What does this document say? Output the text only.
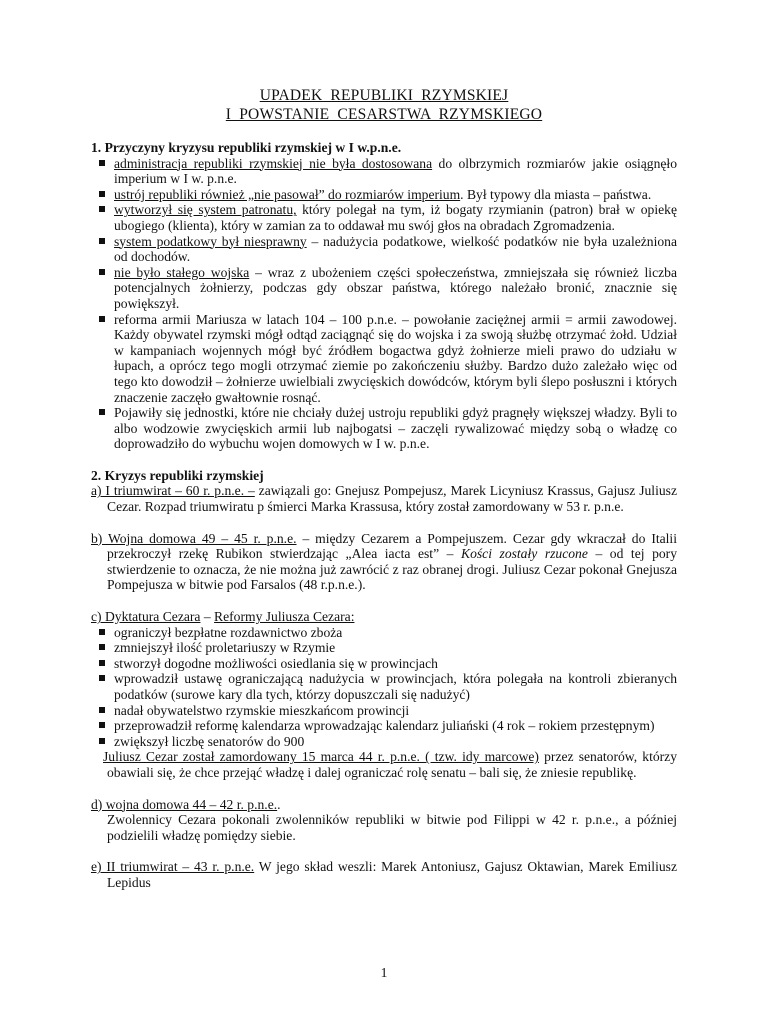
UPADEK REPUBLIKI RZYMSKIEJ
I POWSTANIE CESARSTWA RZYMSKIEGO

1. Przyczyny kryzysu republiki rzymskiej w I w.p.n.e.

administracja republiki rzymskiej nie była dostosowana do olbrzymich rozmiarów jakie osiągnęło imperium w I w. p.n.e.
ustrój republiki również „nie pasował” do rozmiarów imperium. Był typowy dla miasta – państwa.
wytworzył się system patronatu, który polegał na tym, iż bogaty rzymianin (patron) brał w opiekę ubogiego (klienta), który w zamian za to oddawał mu swój głos na obradach Zgromadzenia.
system podatkowy był niesprawny – nadużycia podatkowe, wielkość podatków nie była uzależniona od dochodów.
nie było stałego wojska – wraz z ubożeniem części społeczeństwa, zmniejszała się również liczba potencjalnych żołnierzy, podczas gdy obszar państwa, którego należało bronić, znacznie się powiększył.
reforma armii Mariusza w latach 104 – 100 p.n.e. – powołanie zaciężnej armii = armii zawodowej. Każdy obywatel rzymski mógł odtąd zaciągnąć się do wojska i za swoją służbę otrzymać żołd. Udział w kampaniach wojennych mógł być źródłem bogactwa gdyż żołnierze mieli prawo do udziału w łupach, a oprócz tego mogli otrzymać ziemie po zakończeniu służby. Bardzo dużo zależało więc od tego kto dowodził – żołnierze uwielbiali zwycięskich dowódców, którym byli ślepo posłuszni i których znaczenie zaczęło gwałtownie rosnąć.
Pojawiły się jednostki, które nie chciały dużej ustroju republiki gdyż pragnęły większej władzy. Byli to albo wodzowie zwycięskich armii lub najbogatsi – zaczęli rywalizować między sobą o władzę co doprowadziło do wybuchu wojen domowych w I w. p.n.e.

2. Kryzys republiki rzymskiej

a) I triumwirat – 60 r. p.n.e. – zawiązali go: Gnejusz Pompejusz, Marek Licyniusz Krassus, Gajusz Juliusz Cezar. Rozpad triumwiratu p śmierci Marka Krassusa, który został zamordowany w 53 r. p.n.e.

b) Wojna domowa 49 – 45 r. p.n.e. – między Cezarem a Pompejuszem. Cezar gdy wkraczał do Italii przekroczył rzekę Rubikon stwierdzając „Alea iacta est” – Kości zostały rzucone – od tej pory stwierdzenie to oznacza, że nie można już zawrócić z raz obranej drogi. Juliusz Cezar pokonał Gnejusza Pompejusza w bitwie pod Farsalos (48 r.p.n.e.).

c) Dyktatura Cezara – Reformy Juliusza Cezara:

ograniczył bezpłatne rozdawnictwo zboża
zmniejszył ilość proletariuszy w Rzymie
stworzył dogodne możliwości osiedlania się w prowincjach
wprowadził ustawę ograniczającą nadużycia w prowincjach, która polegała na kontroli zbieranych podatków (surowe kary dla tych, którzy dopuszczali się nadużyć)
nadał obywatelstwo rzymskie mieszkańcom prowincji
przeprowadził reformę kalendarza wprowadzając kalendarz juliański (4 rok – rokiem przestępnym)
zwiększył liczbę senatorów do 900

Juliusz Cezar został zamordowany 15 marca 44 r. p.n.e. ( tzw. idy marcowe) przez senatorów, którzy obawiali się, że chce przejąć władzę i dalej ograniczać rolę senatu – bali się, że zniesie republikę.

d) wojna domowa 44 – 42 r. p.n.e..

Zwolennicy Cezara pokonali zwolenników republiki w bitwie pod Filippi w 42 r. p.n.e., a później podzielili władzę pomiędzy siebie.

e) II triumwirat – 43 r. p.n.e. W jego skład weszli: Marek Antoniusz, Gajusz Oktawian, Marek Emiliusz Lepidus

1
